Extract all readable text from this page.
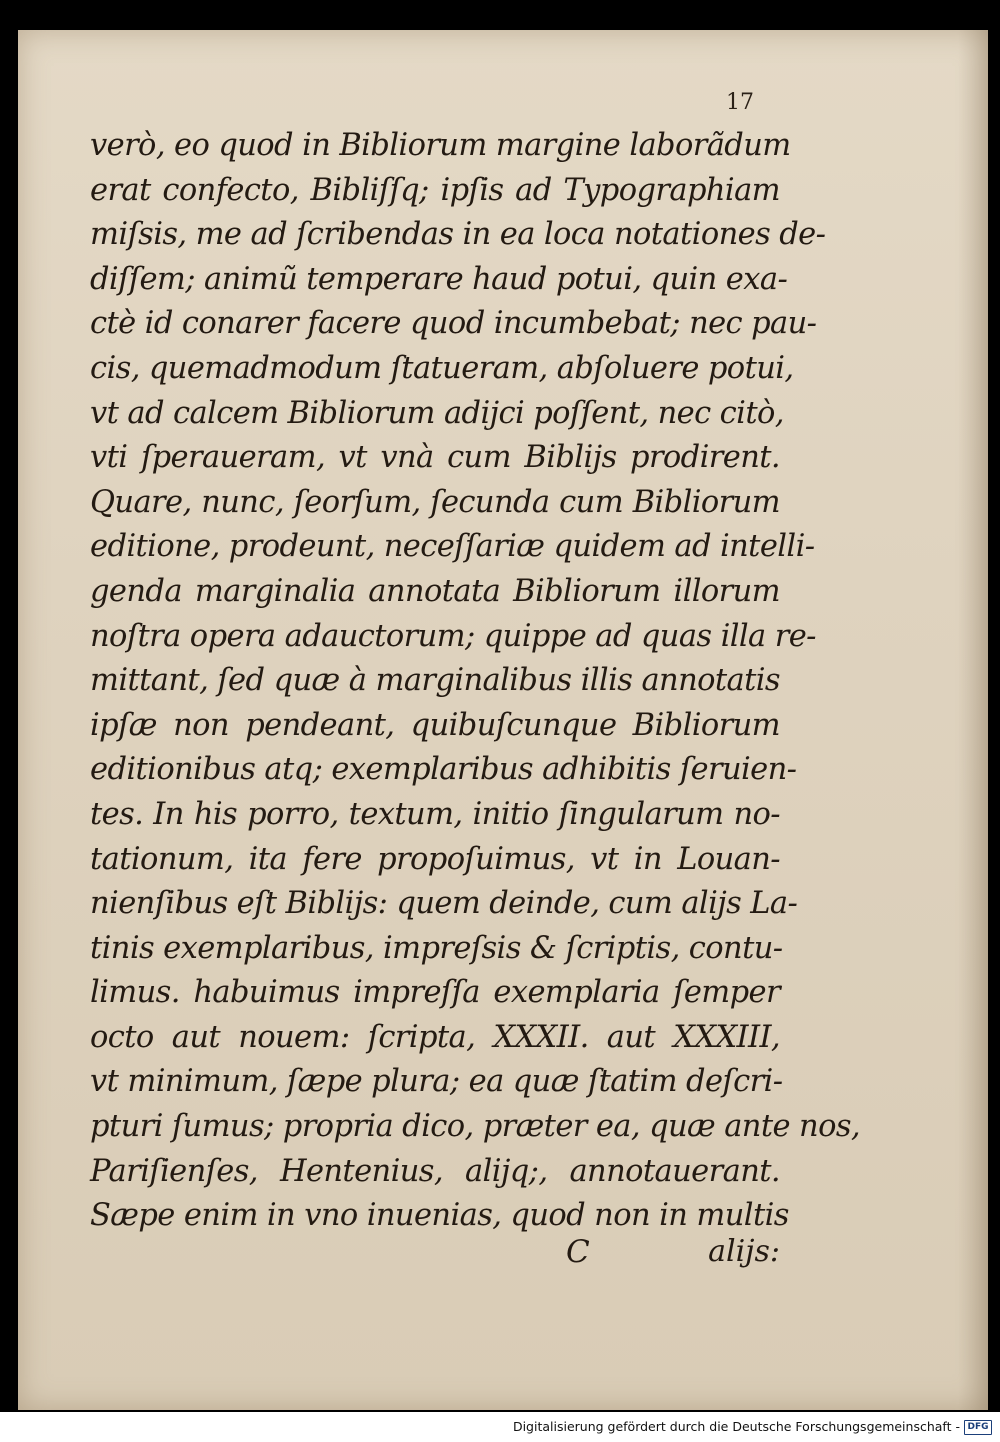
17
verò, eo quod in Bibliorum margine laborãdum
erat confecto, Bibliſſq; ipſis ad Typographiam
miſsis, me ad ſcribendas in ea loca notationes de-
diſſem; animũ temperare haud potui, quin exa-
ctè id conarer facere quod incumbebat; nec pau-
cis, quemadmodum ſtatueram, abſoluere potui,
vt ad calcem Bibliorum adijci poſſent, nec citò,
vti ſperaueram, vt vnà cum Biblijs prodirent.
Quare, nunc, ſeorſum, ſecunda cum Bibliorum
editione, prodeunt, neceſſariæ quidem ad intelli-
genda marginalia annotata Bibliorum illorum
noſtra opera adauctorum; quippe ad quas illa re-
mittant, ſed quæ à marginalibus illis annotatis
ipſæ non pendeant, quibuſcunque Bibliorum
editionibus atq; exemplaribus adhibitis ſeruien-
tes. In his porro, textum, initio ſingularum no-
tationum, ita fere propoſuimus, vt in Louan-
nienſibus eſt Biblijs: quem deinde, cum alijs La-
tinis exemplaribus, impreſsis & ſcriptis, contu-
limus. habuimus impreſſa exemplaria ſemper
octo aut nouem: ſcripta, XXXII. aut XXXIII,
vt minimum, ſæpe plura; ea quæ ſtatim deſcri-
pturi ſumus; propria dico, præter ea, quæ ante nos,
Pariſienſes, Hentenius, alijq;, annotauerant.
Sæpe enim in vno inuenias, quod non in multis
C	alijs:
Digitalisierung gefördert durch die Deutsche Forschungsgemeinschaft - DFG
